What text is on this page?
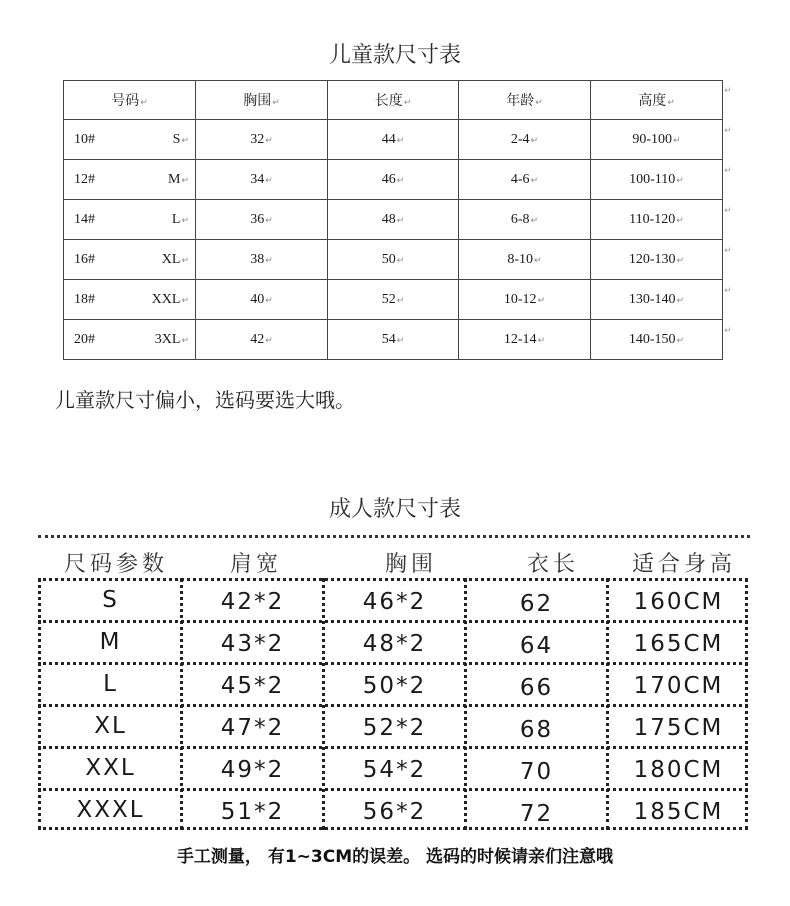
儿童款尺寸表
号码↵	胸围↵	长度↵	年龄↵	高度↵

10# S↵	32↵	44↵	2-4↵	90-100↵

12# M↵	34↵	46↵	4-6↵	100-110↵

14# L↵	36↵	48↵	6-8↵	110-120↵

16# XL↵	38↵	50↵	8-10↵	120-130↵

18# XXL↵	40↵	52↵	10-12↵	130-140↵

20# 3XL↵	42↵	54↵	12-14↵	140-150↵
↵
↵
↵
↵
↵
↵
↵
儿童款尺寸偏小，选码要选大哦。
成人款尺寸表
尺码参数	肩宽	胸围	衣长	适合身高
S	42*2	46*2	62	160CM
M	43*2	48*2	64	165CM
L	45*2	50*2	66	170CM
XL	47*2	52*2	68	175CM
XXL	49*2	54*2	70	180CM
XXXL	51*2	56*2	72	185CM
手工测量， 有1~3CM的误差。 选码的时候请亲们注意哦
